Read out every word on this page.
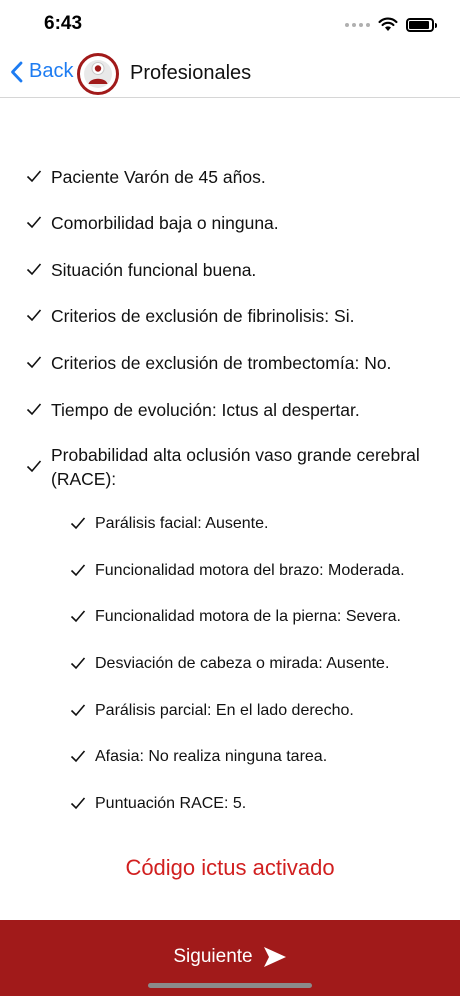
6:43
Back	Profesionales
Paciente Varón de 45 años.
Comorbilidad baja o ninguna.
Situación funcional buena.
Criterios de exclusión de fibrinolisis: Si.
Criterios de exclusión de trombectomía: No.
Tiempo de evolución: Ictus al despertar.
Probabilidad alta oclusión vaso grande cerebral (RACE):
Parálisis facial: Ausente.
Funcionalidad motora del brazo: Moderada.
Funcionalidad motora de la pierna: Severa.
Desviación de cabeza o mirada: Ausente.
Parálisis parcial: En el lado derecho.
Afasia: No realiza ninguna tarea.
Puntuación RACE: 5.
Código ictus activado
Siguiente
